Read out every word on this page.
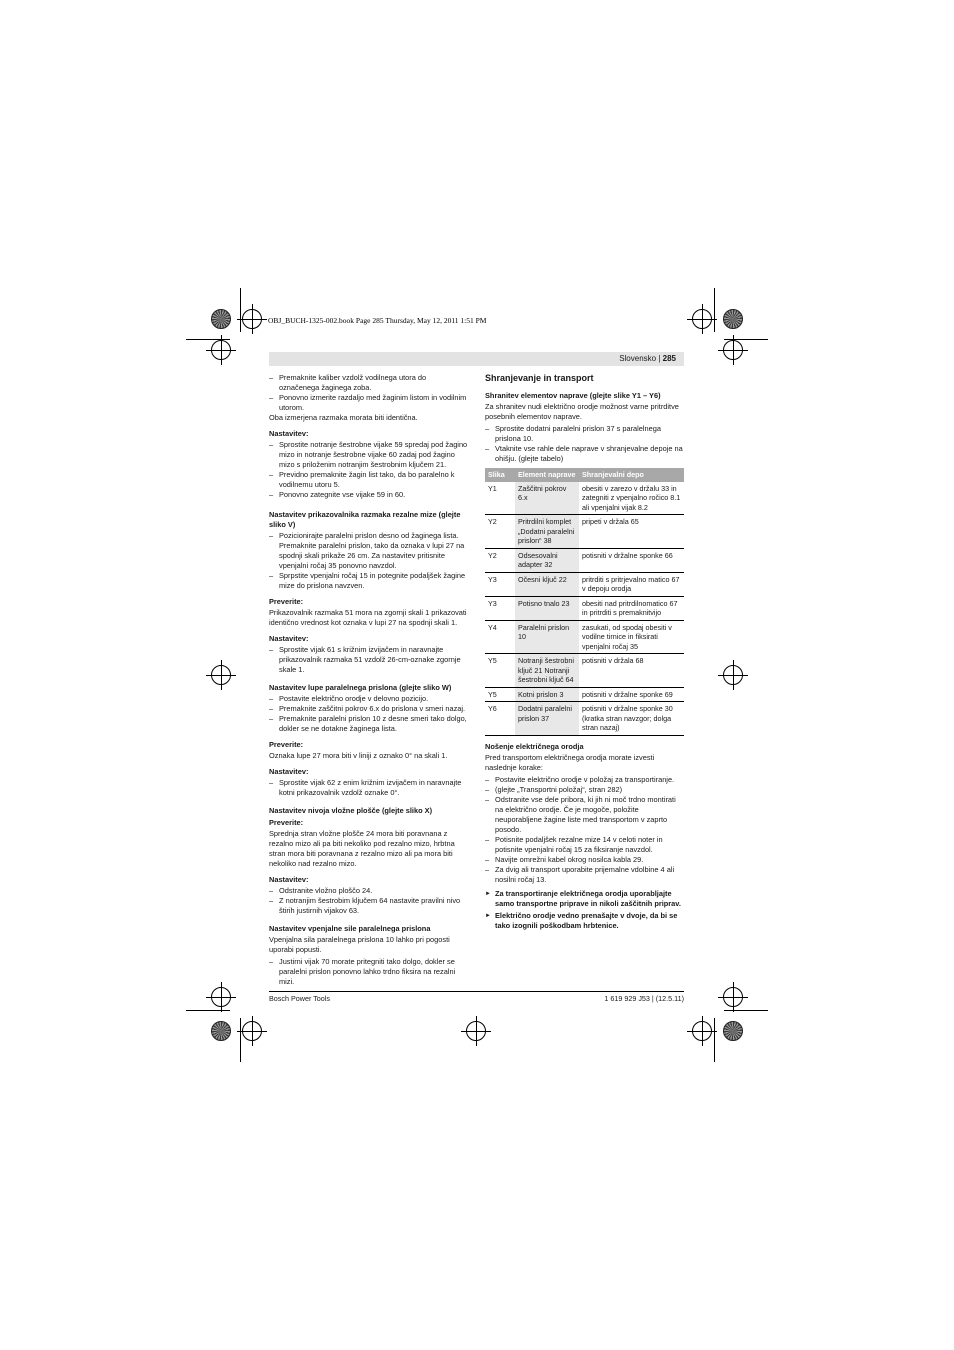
OBJ_BUCH-1325-002.book Page 285 Thursday, May 12, 2011 1:51 PM
Slovensko | 285

– Premaknite kaliber vzdolž vodilnega utora do označenega žaginega zoba.

– Ponovno izmerite razdaljo med žaginim listom in vodilnim utorom.

Oba izmerjena razmaka morata biti identična.

Nastavitev:

– Sprostite notranje šestrobne vijake 59 spredaj pod žagino mizo in notranje šestrobne vijake 60 zadaj pod žagino mizo s priloženim notranjim šestrobnim ključem 21.

– Previdno premaknite žagin list tako, da bo paralelno k vodilnemu utoru 5.

– Ponovno zategnite vse vijake 59 in 60.

Nastavitev prikazovalnika razmaka rezalne mize (glejte sliko V)

– Pozicionirajte paralelni prislon desno od žaginega lista. Premaknite paralelni prislon, tako da oznaka v lupi 27 na spodnji skali prikaže 26 cm. Za nastavitev pritisnite vpenjalni ročaj 35 ponovno navzdol.

– Sprpstite vpenjalni ročaj 15 in potegnite podaljšek žagine mize do prislona navzven.

Preverite:

Prikazovalnik razmaka 51 mora na zgornji skali 1 prikazovati identično vrednost kot oznaka v lupi 27 na spodnji skali 1.

Nastavitev:

– Sprostite vijak 61 s križnim izvijačem in naravnajte prikazovalnik razmaka 51 vzdolž 26-cm-oznake zgornje skale 1.

Nastavitev lupe paralelnega prislona (glejte sliko W)

– Postavite električno orodje v delovno pozicijo.

– Premaknite zaščitni pokrov 6.x do prislona v smeri nazaj.

– Premaknite paralelni prislon 10 z desne smeri tako dolgo, dokler se ne dotakne žaginega lista.

Preverite:

Oznaka lupe 27 mora biti v liniji z oznako 0° na skali 1.

Nastavitev:

– Sprostite vijak 62 z enim križnim izvijačem in naravnajte kotni prikazovalnik vzdolž oznake 0°.

Nastavitev nivoja vložne plošče (glejte sliko X)

Preverite:

Sprednja stran vložne plošče 24 mora biti poravnana z rezalno mizo ali pa biti nekoliko pod rezalno mizo, hrbtna stran mora biti poravnana z rezalno mizo ali pa mora biti nekoliko nad rezalno mizo.

Nastavitev:

– Odstranite vložno ploščo 24.

– Z notranjim šestrobim ključem 64 nastavite pravilni nivo štirih justirnih vijakov 63.

Nastavitev vpenjalne sile paralelnega prislona

Vpenjalna sila paralelnega prislona 10 lahko pri pogosti uporabi popusti.

– Justirni vijak 70 morate pritegniti tako dolgo, dokler se paralelni prislon ponovno lahko trdno fiksira na rezalni mizi.

Shranjevanje in transport

Shranitev elementov naprave (glejte slike Y1 – Y6)

Za shranitev nudi električno orodje možnost varne pritrditve posebnih elementov naprave.

– Sprostite dodatni paralelni prislon 37 s paralelnega prislona 10.

– Vtaknite vse rahle dele naprave v shranjevalne depoje na ohišju. (glejte tabelo)

Slika	Element naprave	Shranjevalni depo
Y1	Zaščitni pokrov 6.x	obesiti v zarezo v držalu 33 in zategniti z vpenjalno ročico 8.1 ali vpenjalni vijak 8.2
Y2	Pritrdilni komplet „Dodatni paralelni prislon“ 38	pripeti v držala 65
Y2	Odsesovalni adapter 32	potisniti v držalne sponke 66
Y3	Očesni ključ 22	pritrditi s pritrjevalno matico 67 v depoju orodja
Y3	Potisno tnalo 23	obesiti nad pritrdilnomatico 67 in pritrditi s premaknitvijo
Y4	Paralelni prislon 10	zasukati, od spodaj obesiti v vodilne tirnice in fiksirati vpenjalni ročaj 35
Y5	Notranji šestrobni ključ 21 Notranji šestrobni ključ 64	potisniti v držala 68
Y5	Kotni prislon 3	potisniti v držalne sponke 69
Y6	Dodatni paralelni prislon 37	potisniti v držalne sponke 30 (kratka stran navzgor; dolga stran nazaj)

Nošenje električnega orodja

Pred transportom električnega orodja morate izvesti naslednje korake:

– Postavite električno orodje v položaj za transportiranje.

– (glejte „Transportni položaj“, stran 282)

– Odstranite vse dele pribora, ki jih ni moč trdno montirati na električno orodje. Če je mogoče, položite neuporabljene žagine liste med transportom v zaprto posodo.

– Potisnite podaljšek rezalne mize 14 v celoti noter in potisnite vpenjalni ročaj 15 za fiksiranje navzdol.

– Navijte omrežni kabel okrog nosilca kabla 29.

– Za dvig ali transport uporabite prijemalne vdolbine 4 ali nosilni ročaj 13.

► Za transportiranje električnega orodja uporabljajte samo transportne priprave in nikoli zaščitnih priprav.

► Električno orodje vedno prenašajte v dvoje, da bi se tako izognili poškodbam hrbtenice.

Bosch Power Tools	1 619 929 J53 | (12.5.11)
